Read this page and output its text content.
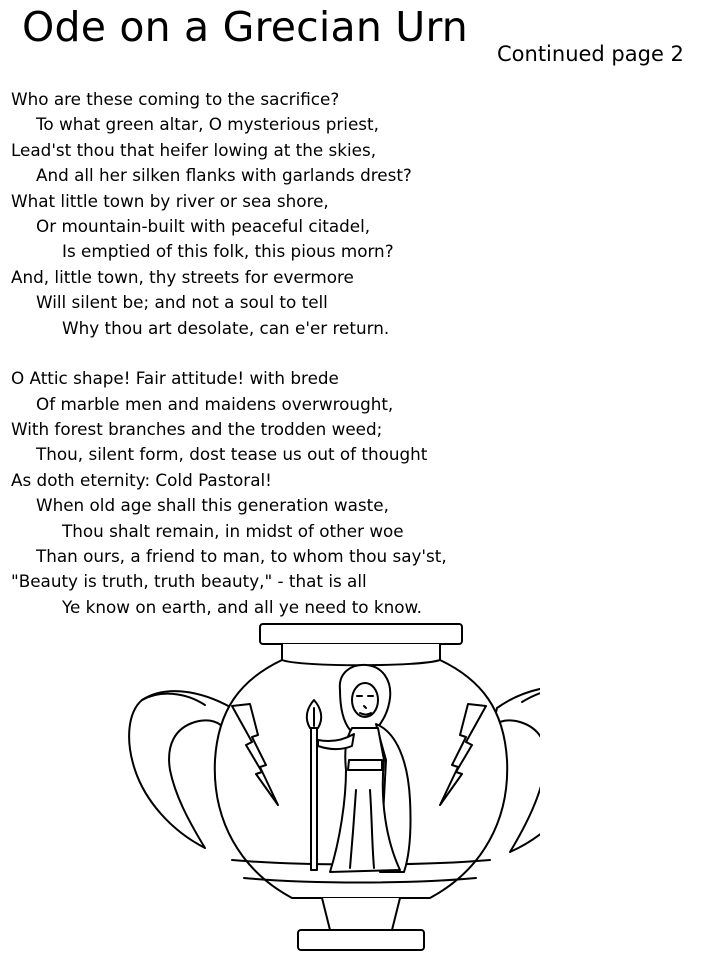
Ode on a Grecian Urn
Continued page 2
Who are these coming to the sacrifice?
To what green altar, O mysterious priest,
Lead'st thou that heifer lowing at the skies,
And all her silken flanks with garlands drest?
What little town by river or sea shore,
Or mountain-built with peaceful citadel,
Is emptied of this folk, this pious morn?
And, little town, thy streets for evermore
Will silent be; and not a soul to tell
Why thou art desolate, can e'er return.
O Attic shape! Fair attitude! with brede
Of marble men and maidens overwrought,
With forest branches and the trodden weed;
Thou, silent form, dost tease us out of thought
As doth eternity: Cold Pastoral!
When old age shall this generation waste,
Thou shalt remain, in midst of other woe
Than ours, a friend to man, to whom thou say'st,
"Beauty is truth, truth beauty," - that is all
Ye know on earth, and all ye need to know.
